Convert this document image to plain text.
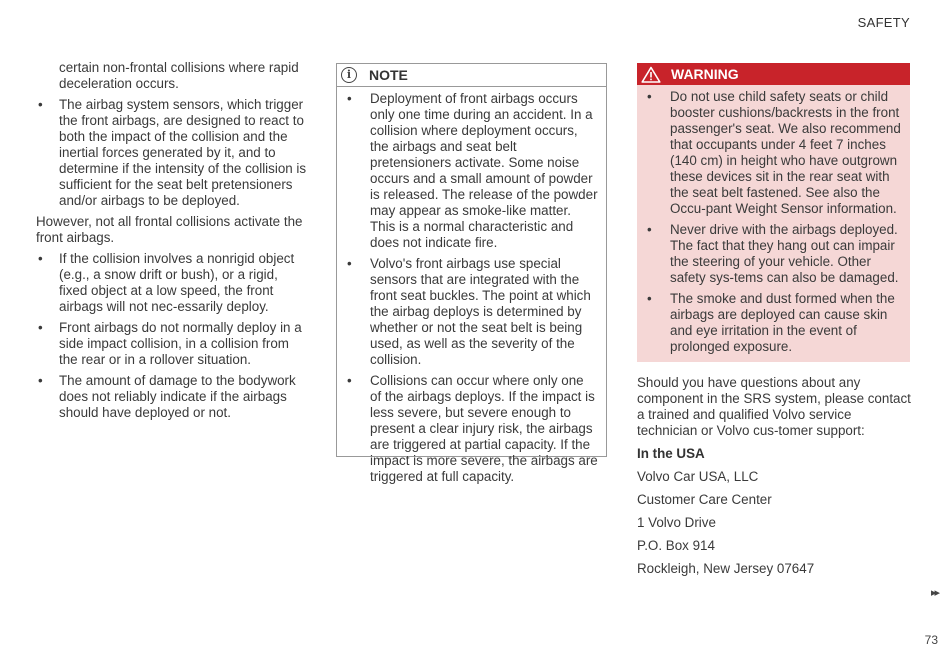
SAFETY

certain non-frontal collisions where rapid deceleration occurs.

• The airbag system sensors, which trigger the front airbags, are designed to react to both the impact of the collision and the inertial forces generated by it, and to determine if the intensity of the collision is sufficient for the seat belt pretensioners and/or airbags to be deployed.

However, not all frontal collisions activate the front airbags.

• If the collision involves a nonrigid object (e.g., a snow drift or bush), or a rigid, fixed object at a low speed, the front airbags will not nec-essarily deploy.
• Front airbags do not normally deploy in a side impact collision, in a collision from the rear or in a rollover situation.
• The amount of damage to the bodywork does not reliably indicate if the airbags should have deployed or not.
i	NOTE
• Deployment of front airbags occurs only one time during an accident. In a collision where deployment occurs, the airbags and seat belt pretensioners activate. Some noise occurs and a small amount of powder is released. The release of the powder may appear as smoke-like matter. This is a normal characteristic and does not indicate fire.
• Volvo's front airbags use special sensors that are integrated with the front seat buckles. The point at which the airbag deploys is determined by whether or not the seat belt is being used, as well as the severity of the collision.
• Collisions can occur where only one of the airbags deploys. If the impact is less severe, but severe enough to present a clear injury risk, the airbags are triggered at partial capacity. If the impact is more severe, the airbags are triggered at full capacity.
WARNING
• Do not use child safety seats or child booster cushions/backrests in the front passenger's seat. We also recommend that occupants under 4 feet 7 inches (140 cm) in height who have outgrown these devices sit in the rear seat with the seat belt fastened. See also the Occu-pant Weight Sensor information.
• Never drive with the airbags deployed. The fact that they hang out can impair the steering of your vehicle. Other safety sys-tems can also be damaged.
• The smoke and dust formed when the airbags are deployed can cause skin and eye irritation in the event of prolonged exposure.

Should you have questions about any component in the SRS system, please contact a trained and qualified Volvo service technician or Volvo cus-tomer support:

In the USA

Volvo Car USA, LLC

Customer Care Center

1 Volvo Drive

P.O. Box 914

Rockleigh, New Jersey 07647

▸▸
73
